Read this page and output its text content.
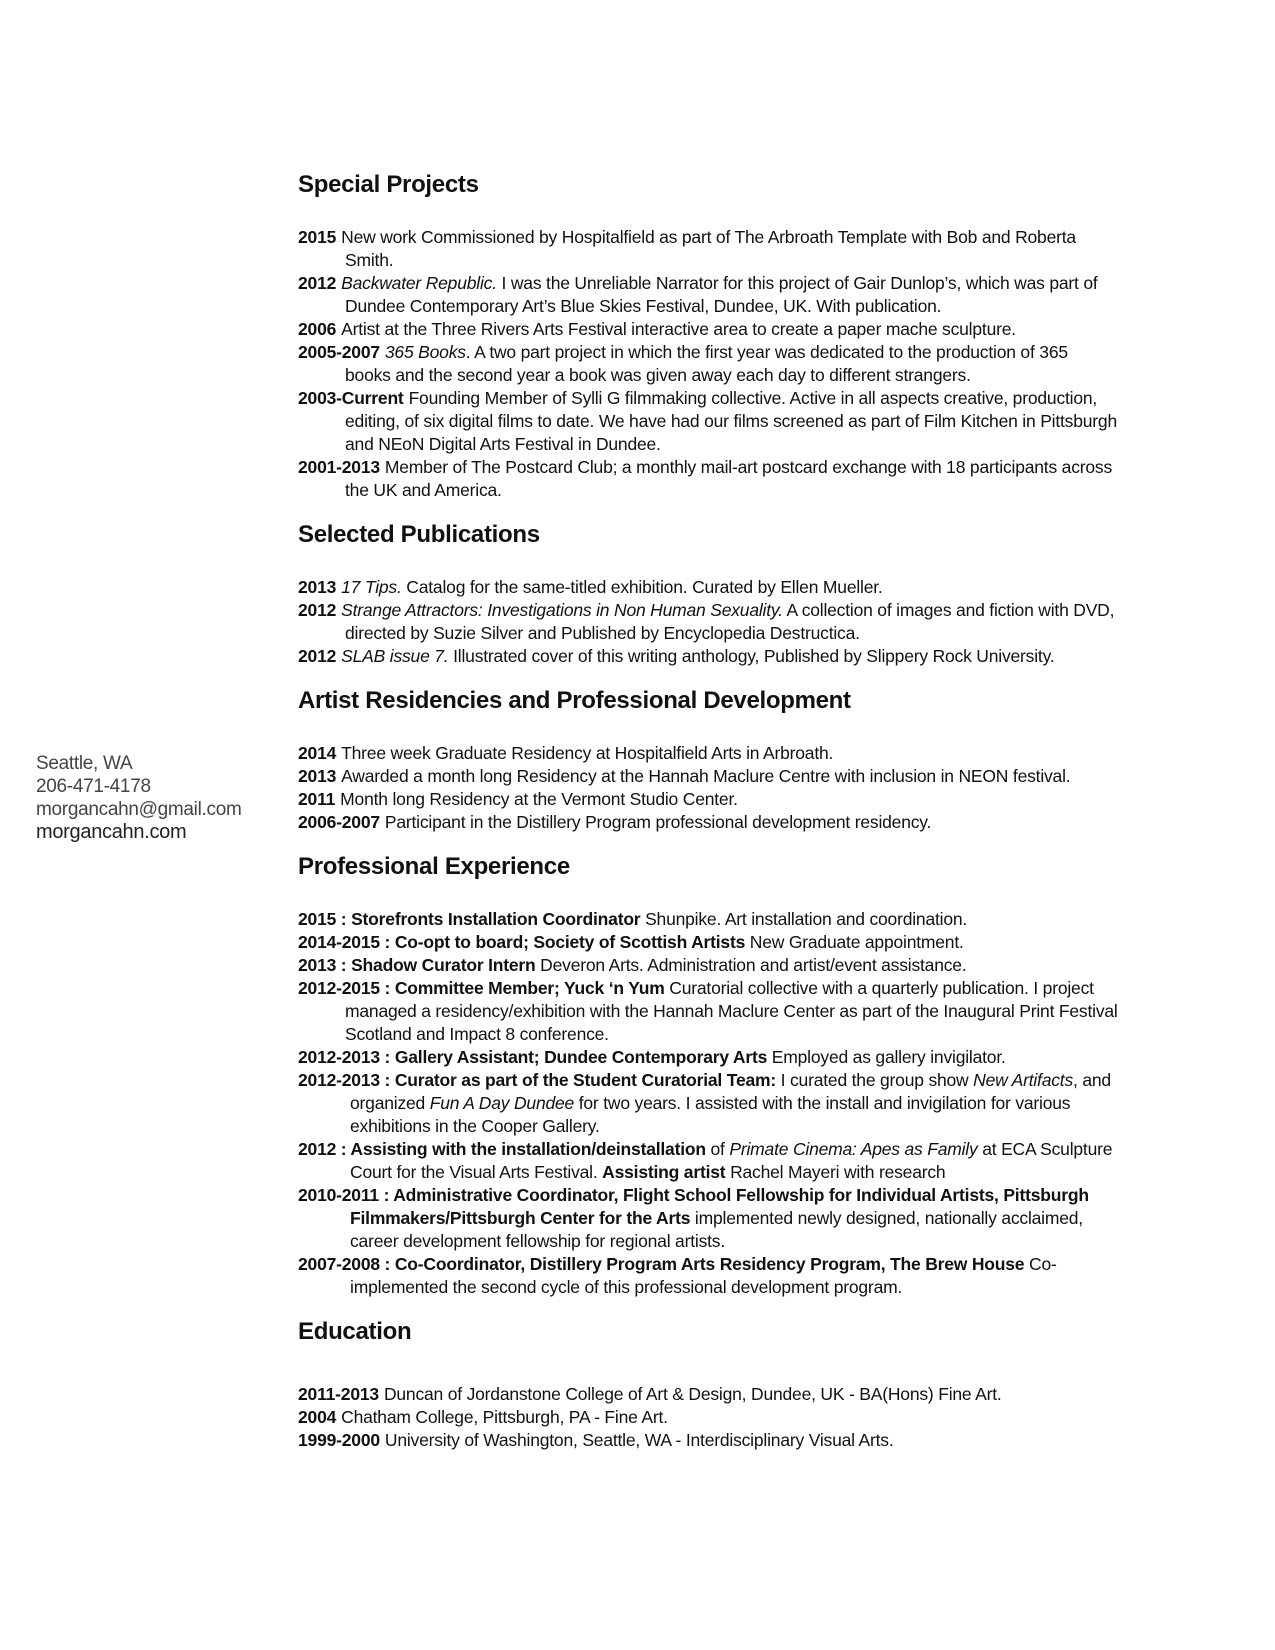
Seattle, WA
206-471-4178
morgancahn@gmail.com
morgancahn.com
Special Projects

2015 New work Commissioned by Hospitalfield as part of The Arbroath Template with Bob and Roberta Smith.

2012 Backwater Republic. I was the Unreliable Narrator for this project of Gair Dunlop’s, which was part of Dundee Contemporary Art’s Blue Skies Festival, Dundee, UK. With publication.

2006 Artist at the Three Rivers Arts Festival interactive area to create a paper mache sculpture.

2005-2007 365 Books. A two part project in which the first year was dedicated to the production of 365 books and the second year a book was given away each day to different strangers.

2003-Current Founding Member of Sylli G filmmaking collective. Active in all aspects creative, production, editing, of six digital films to date. We have had our films screened as part of Film Kitchen in Pittsburgh and NEoN Digital Arts Festival in Dundee.

2001-2013 Member of The Postcard Club; a monthly mail-art postcard exchange with 18 participants across the UK and America.

Selected Publications

2013 17 Tips. Catalog for the same-titled exhibition. Curated by Ellen Mueller.

2012 Strange Attractors: Investigations in Non Human Sexuality. A collection of images and fiction with DVD, directed by Suzie Silver and Published by Encyclopedia Destructica.

2012 SLAB issue 7. Illustrated cover of this writing anthology, Published by Slippery Rock University.

Artist Residencies and Professional Development

2014 Three week Graduate Residency at Hospitalfield Arts in Arbroath.

2013 Awarded a month long Residency at the Hannah Maclure Centre with inclusion in NEON festival.

2011 Month long Residency at the Vermont Studio Center.

2006-2007 Participant in the Distillery Program professional development residency.

Professional Experience

2015 : Storefronts Installation Coordinator Shunpike. Art installation and coordination.

2014-2015 : Co-opt to board; Society of Scottish Artists New Graduate appointment.

2013 : Shadow Curator Intern Deveron Arts. Administration and artist/event assistance.

2012-2015 : Committee Member; Yuck ‘n Yum Curatorial collective with a quarterly publication. I project managed a residency/exhibition with the Hannah Maclure Center as part of the Inaugural Print Festival Scotland and Impact 8 conference.

2012-2013 : Gallery Assistant; Dundee Contemporary Arts Employed as gallery invigilator.

2012-2013 : Curator as part of the Student Curatorial Team: I curated the group show New Artifacts, and organized Fun A Day Dundee for two years. I assisted with the install and invigilation for various exhibitions in the Cooper Gallery.

2012 : Assisting with the installation/deinstallation of Primate Cinema: Apes as Family at ECA Sculpture Court for the Visual Arts Festival. Assisting artist Rachel Mayeri with research

2010-2011 : Administrative Coordinator, Flight School Fellowship for Individual Artists, Pittsburgh Filmmakers/Pittsburgh Center for the Arts implemented newly designed, nationally acclaimed, career development fellowship for regional artists.

2007-2008 : Co-Coordinator, Distillery Program Arts Residency Program, The Brew House Co-implemented the second cycle of this professional development program.

Education

2011-2013 Duncan of Jordanstone College of Art & Design, Dundee, UK - BA(Hons) Fine Art.

2004 Chatham College, Pittsburgh, PA - Fine Art.

1999-2000 University of Washington, Seattle, WA - Interdisciplinary Visual Arts.
